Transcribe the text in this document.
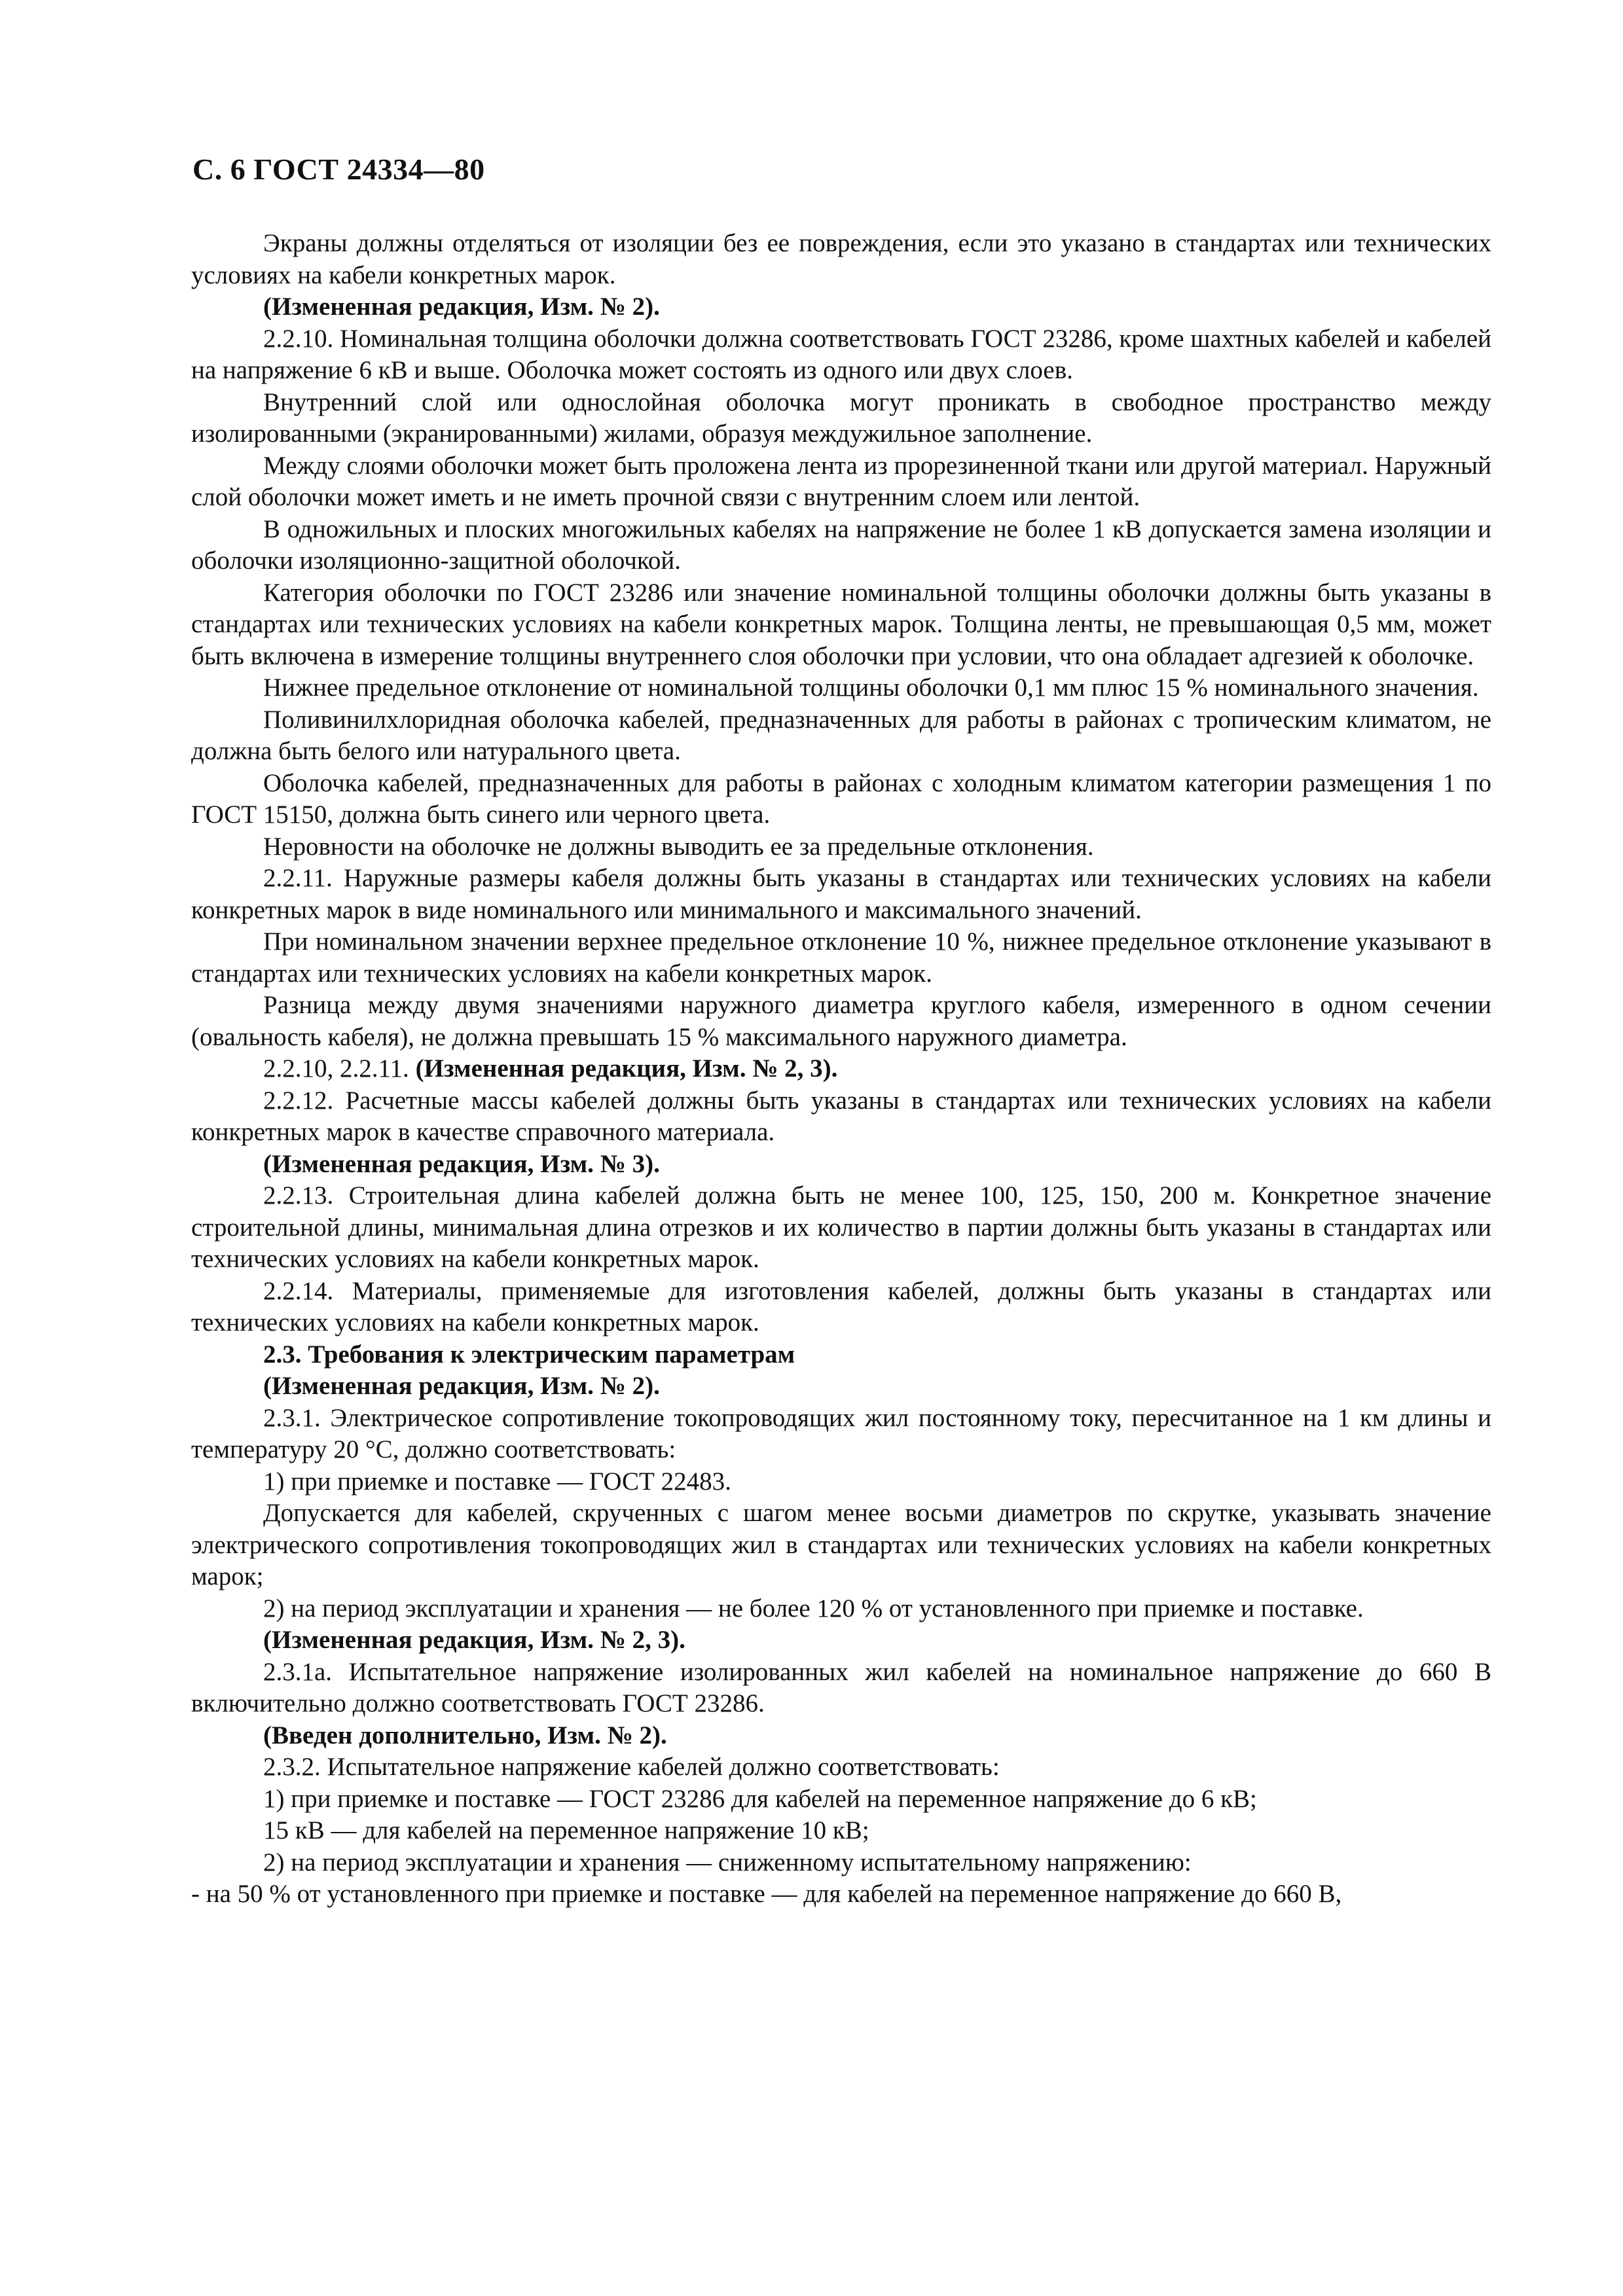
С. 6 ГОСТ 24334—80

Экраны должны отделяться от изоляции без ее повреждения, если это указано в стандартах или технических условиях на кабели конкретных марок.

(Измененная редакция, Изм. № 2).

2.2.10. Номинальная толщина оболочки должна соответствовать ГОСТ 23286, кроме шахтных кабелей и кабелей на напряжение 6 кВ и выше. Оболочка может состоять из одного или двух слоев.

Внутренний слой или однослойная оболочка могут проникать в свободное пространство между изолированными (экранированными) жилами, образуя междужильное заполнение.

Между слоями оболочки может быть проложена лента из прорезиненной ткани или другой материал. Наружный слой оболочки может иметь и не иметь прочной связи с внутренним слоем или лентой.

В одножильных и плоских многожильных кабелях на напряжение не более 1 кВ допускается замена изоляции и оболочки изоляционно-защитной оболочкой.

Категория оболочки по ГОСТ 23286 или значение номинальной толщины оболочки должны быть указаны в стандартах или технических условиях на кабели конкретных марок. Толщина ленты, не превышающая 0,5 мм, может быть включена в измерение толщины внутреннего слоя оболочки при условии, что она обладает адгезией к оболочке.

Нижнее предельное отклонение от номинальной толщины оболочки 0,1 мм плюс 15 % номинального значения.

Поливинилхлоридная оболочка кабелей, предназначенных для работы в районах с тропическим климатом, не должна быть белого или натурального цвета.

Оболочка кабелей, предназначенных для работы в районах с холодным климатом категории размещения 1 по ГОСТ 15150, должна быть синего или черного цвета.

Неровности на оболочке не должны выводить ее за предельные отклонения.

2.2.11. Наружные размеры кабеля должны быть указаны в стандартах или технических условиях на кабели конкретных марок в виде номинального или минимального и максимального значений.

При номинальном значении верхнее предельное отклонение 10 %, нижнее предельное отклонение указывают в стандартах или технических условиях на кабели конкретных марок.

Разница между двумя значениями наружного диаметра круглого кабеля, измеренного в одном сечении (овальность кабеля), не должна превышать 15 % максимального наружного диаметра.

2.2.10, 2.2.11. (Измененная редакция, Изм. № 2, 3).

2.2.12. Расчетные массы кабелей должны быть указаны в стандартах или технических условиях на кабели конкретных марок в качестве справочного материала.

(Измененная редакция, Изм. № 3).

2.2.13. Строительная длина кабелей должна быть не менее 100, 125, 150, 200 м. Конкретное значение строительной длины, минимальная длина отрезков и их количество в партии должны быть указаны в стандартах или технических условиях на кабели конкретных марок.

2.2.14. Материалы, применяемые для изготовления кабелей, должны быть указаны в стандартах или технических условиях на кабели конкретных марок.

2.3. Требования к электрическим параметрам

(Измененная редакция, Изм. № 2).

2.3.1. Электрическое сопротивление токопроводящих жил постоянному току, пересчитанное на 1 км длины и температуру 20 °С, должно соответствовать:

1) при приемке и поставке — ГОСТ 22483.

Допускается для кабелей, скрученных с шагом менее восьми диаметров по скрутке, указывать значение электрического сопротивления токопроводящих жил в стандартах или технических условиях на кабели конкретных марок;

2) на период эксплуатации и хранения — не более 120 % от установленного при приемке и поставке.

(Измененная редакция, Изм. № 2, 3).

2.3.1а. Испытательное напряжение изолированных жил кабелей на номинальное напряжение до 660 В включительно должно соответствовать ГОСТ 23286.

(Введен дополнительно, Изм. № 2).

2.3.2. Испытательное напряжение кабелей должно соответствовать:

1) при приемке и поставке — ГОСТ 23286 для кабелей на переменное напряжение до 6 кВ;

15 кВ — для кабелей на переменное напряжение 10 кВ;

2) на период эксплуатации и хранения — сниженному испытательному напряжению:

- на 50 % от установленного при приемке и поставке — для кабелей на переменное напряжение до 660 В,
